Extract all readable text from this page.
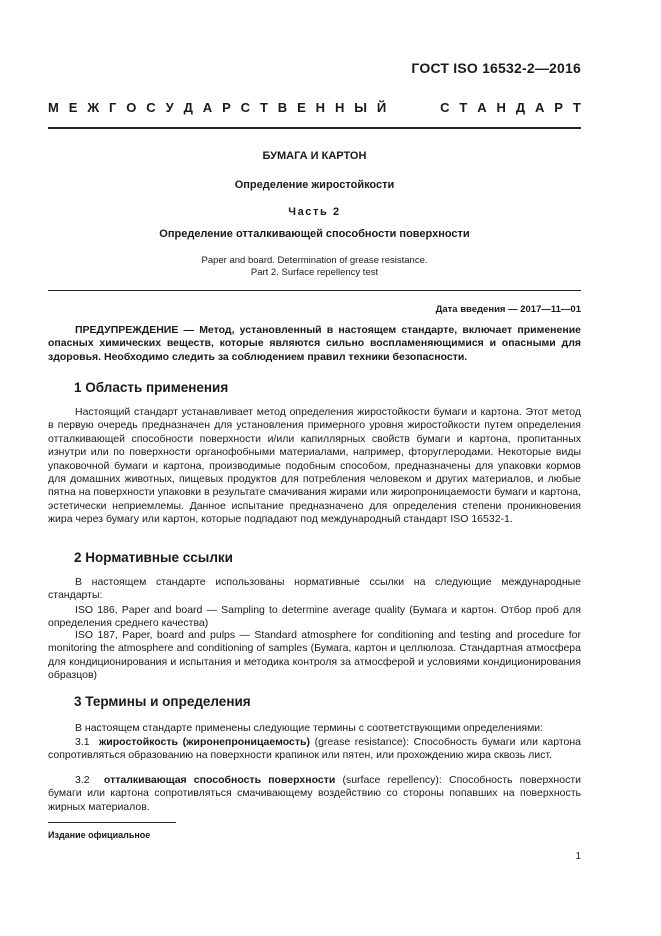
ГОСТ ISO 16532-2—2016
М Е Ж Г О С У Д А Р С Т В Е Н Н Ы Й	С Т А Н Д А Р Т
БУМАГА И КАРТОН
Определение жиростойкости
Часть 2
Определение отталкивающей способности поверхности
Paper and board. Determination of grease resistance.
Part 2. Surface repellency test
Дата введения — 2017—11—01
ПРЕДУПРЕЖДЕНИЕ — Метод, установленный в настоящем стандарте, включает применение опасных химических веществ, которые являются сильно воспламеняющимися и опасными для здоровья. Необходимо следить за соблюдением правил техники безопасности.
1 Область применения
Настоящий стандарт устанавливает метод определения жиростойкости бумаги и картона. Этот метод в первую очередь предназначен для установления примерного уровня жиростойкости путем определения отталкивающей способности поверхности и/или капиллярных свойств бумаги и картона, пропитанных изнутри или по поверхности органофобными материалами, например, фторуглеродами. Некоторые виды упаковочной бумаги и картона, производимые подобным способом, предназначены для упаковки кормов для домашних животных, пищевых продуктов для потребления человеком и других материалов, и любые пятна на поверхности упаковки в результате смачивания жирами или жиропроницаемости бумаги и картона, эстетически неприемлемы. Данное испытание предназначено для определения степени проникновения жира через бумагу или картон, которые подпадают под международный стандарт ISO 16532-1.
2 Нормативные ссылки
В настоящем стандарте использованы нормативные ссылки на следующие международные стандарты:
ISO 186, Paper and board — Sampling to determine average quality (Бумага и картон. Отбор проб для определения среднего качества)
ISO 187, Paper, board and pulps — Standard atmosphere for conditioning and testing and procedure for monitoring the atmosphere and conditioning of samples (Бумага, картон и целлюлоза. Стандартная атмосфера для кондиционирования и испытания и методика контроля за атмосферой и условиями кондиционирования образцов)
3 Термины и определения
В настоящем стандарте применены следующие термины с соответствующими определениями:
3.1 жиростойкость (жиронепроницаемость) (grease resistance): Способность бумаги или картона сопротивляться образованию на поверхности крапинок или пятен, или прохождению жира сквозь лист.
3.2 отталкивающая способность поверхности (surface repellency): Способность поверхности бумаги или картона сопротивляться смачивающему воздействию со стороны попавших на поверхность жирных материалов.
Издание официальное
1
